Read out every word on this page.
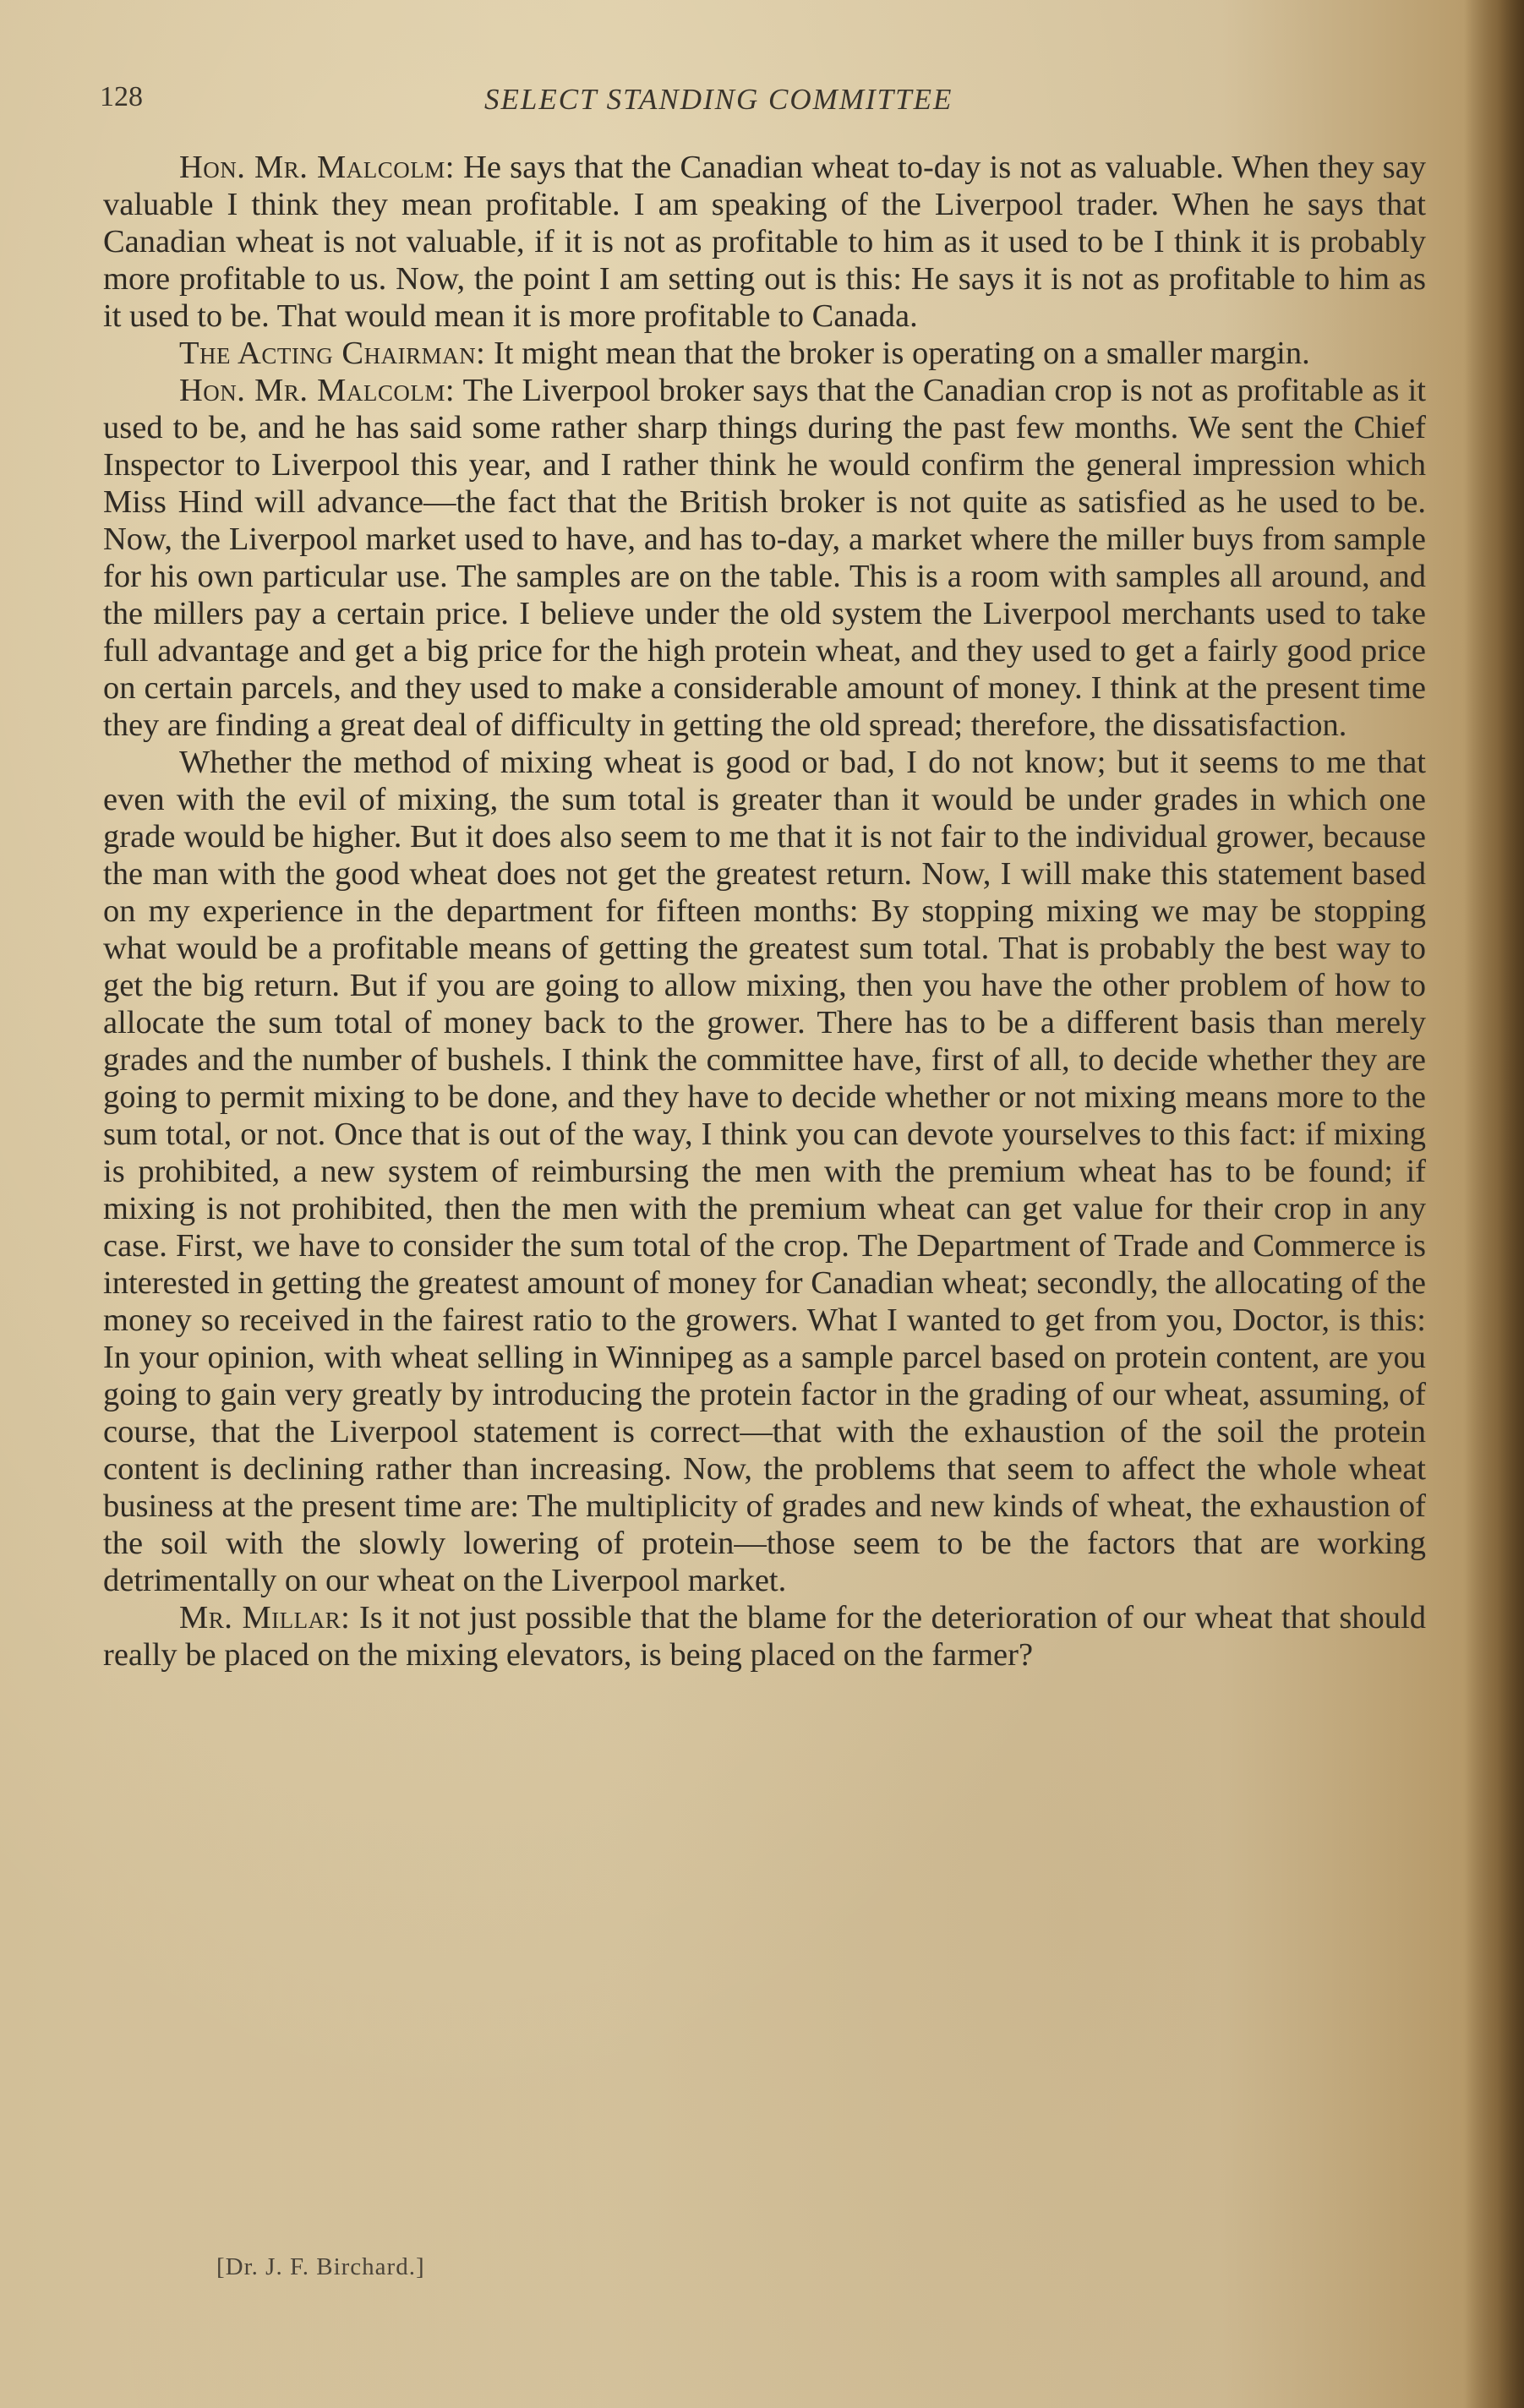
128	SELECT STANDING COMMITTEE

Hon. Mr. Malcolm: He says that the Canadian wheat to-day is not as valuable. When they say valuable I think they mean profitable. I am speaking of the Liverpool trader. When he says that Canadian wheat is not valuable, if it is not as profitable to him as it used to be I think it is probably more profitable to us. Now, the point I am setting out is this: He says it is not as profitable to him as it used to be. That would mean it is more profitable to Canada.

The Acting Chairman: It might mean that the broker is operating on a smaller margin.

Hon. Mr. Malcolm: The Liverpool broker says that the Canadian crop is not as profitable as it used to be, and he has said some rather sharp things during the past few months. We sent the Chief Inspector to Liverpool this year, and I rather think he would confirm the general impression which Miss Hind will advance—the fact that the British broker is not quite as satisfied as he used to be. Now, the Liverpool market used to have, and has to-day, a market where the miller buys from sample for his own particular use. The samples are on the table. This is a room with samples all around, and the millers pay a certain price. I believe under the old system the Liverpool merchants used to take full advantage and get a big price for the high protein wheat, and they used to get a fairly good price on certain parcels, and they used to make a considerable amount of money. I think at the present time they are finding a great deal of difficulty in getting the old spread; therefore, the dissatisfaction.

Whether the method of mixing wheat is good or bad, I do not know; but it seems to me that even with the evil of mixing, the sum total is greater than it would be under grades in which one grade would be higher. But it does also seem to me that it is not fair to the individual grower, because the man with the good wheat does not get the greatest return. Now, I will make this statement based on my experience in the department for fifteen months: By stopping mixing we may be stopping what would be a profitable means of getting the greatest sum total. That is probably the best way to get the big return. But if you are going to allow mixing, then you have the other problem of how to allocate the sum total of money back to the grower. There has to be a different basis than merely grades and the number of bushels. I think the committee have, first of all, to decide whether they are going to permit mixing to be done, and they have to decide whether or not mixing means more to the sum total, or not. Once that is out of the way, I think you can devote yourselves to this fact: if mixing is prohibited, a new system of reimbursing the men with the premium wheat has to be found; if mixing is not prohibited, then the men with the premium wheat can get value for their crop in any case. First, we have to consider the sum total of the crop. The Department of Trade and Commerce is interested in getting the greatest amount of money for Canadian wheat; secondly, the allocating of the money so received in the fairest ratio to the growers. What I wanted to get from you, Doctor, is this: In your opinion, with wheat selling in Winnipeg as a sample parcel based on protein content, are you going to gain very greatly by introducing the protein factor in the grading of our wheat, assuming, of course, that the Liverpool statement is correct—that with the exhaustion of the soil the protein content is declining rather than increasing. Now, the problems that seem to affect the whole wheat business at the present time are: The multiplicity of grades and new kinds of wheat, the exhaustion of the soil with the slowly lowering of protein—those seem to be the factors that are working detrimentally on our wheat on the Liverpool market.

Mr. Millar: Is it not just possible that the blame for the deterioration of our wheat that should really be placed on the mixing elevators, is being placed on the farmer?

[Dr. J. F. Birchard.]
